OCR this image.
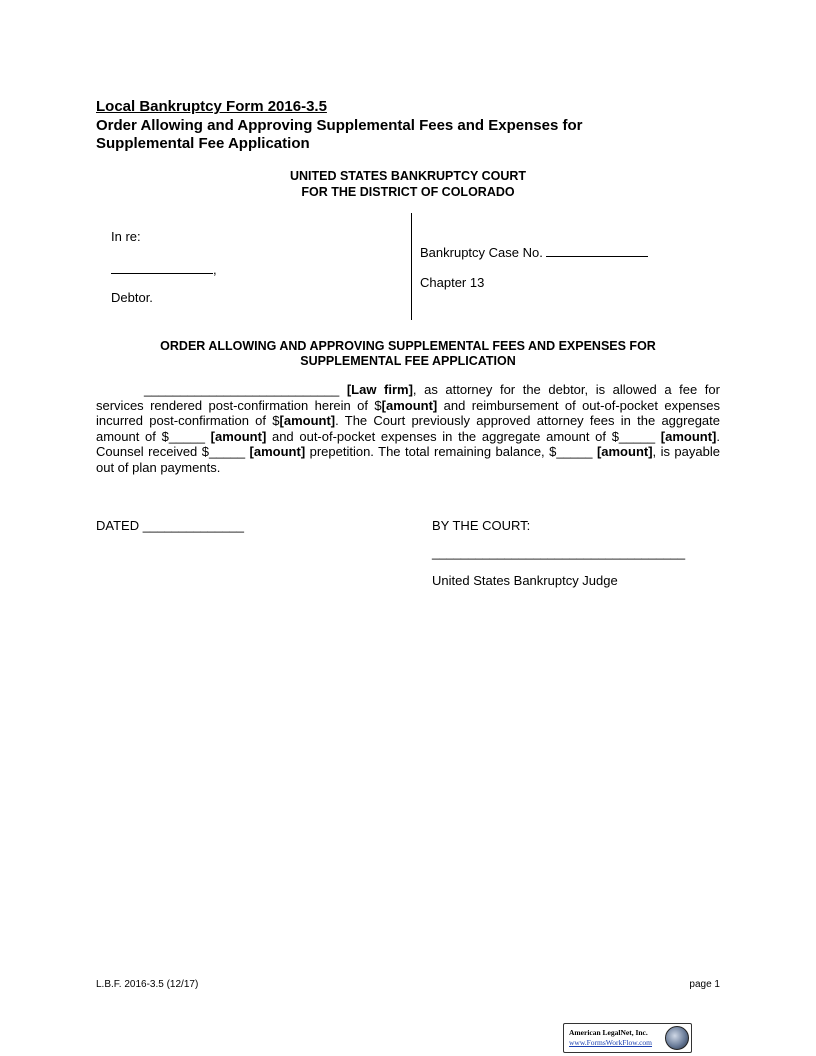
Local Bankruptcy Form 2016-3.5
Order Allowing and Approving Supplemental Fees and Expenses for
Supplemental Fee Application
UNITED STATES BANKRUPTCY COURT
FOR THE DISTRICT OF COLORADO
In re:
,
Debtor.
Bankruptcy Case No.
Chapter 13
ORDER ALLOWING AND APPROVING SUPPLEMENTAL FEES AND EXPENSES FOR
SUPPLEMENTAL FEE APPLICATION
___________________________ [Law firm], as attorney for the debtor, is allowed a fee for services rendered post-confirmation herein of $[amount] and reimbursement of out-of-pocket expenses incurred post-confirmation of $[amount]. The Court previously approved attorney fees in the aggregate amount of $_____ [amount] and out-of-pocket expenses in the aggregate amount of $_____ [amount]. Counsel received $_____ [amount] prepetition. The total remaining balance, $_____ [amount], is payable out of plan payments.
DATED ______________	BY THE COURT:
___________________________________
United States Bankruptcy Judge
L.B.F. 2016-3.5 (12/17)	page 1
American LegalNet, Inc.
www.FormsWorkFlow.com
